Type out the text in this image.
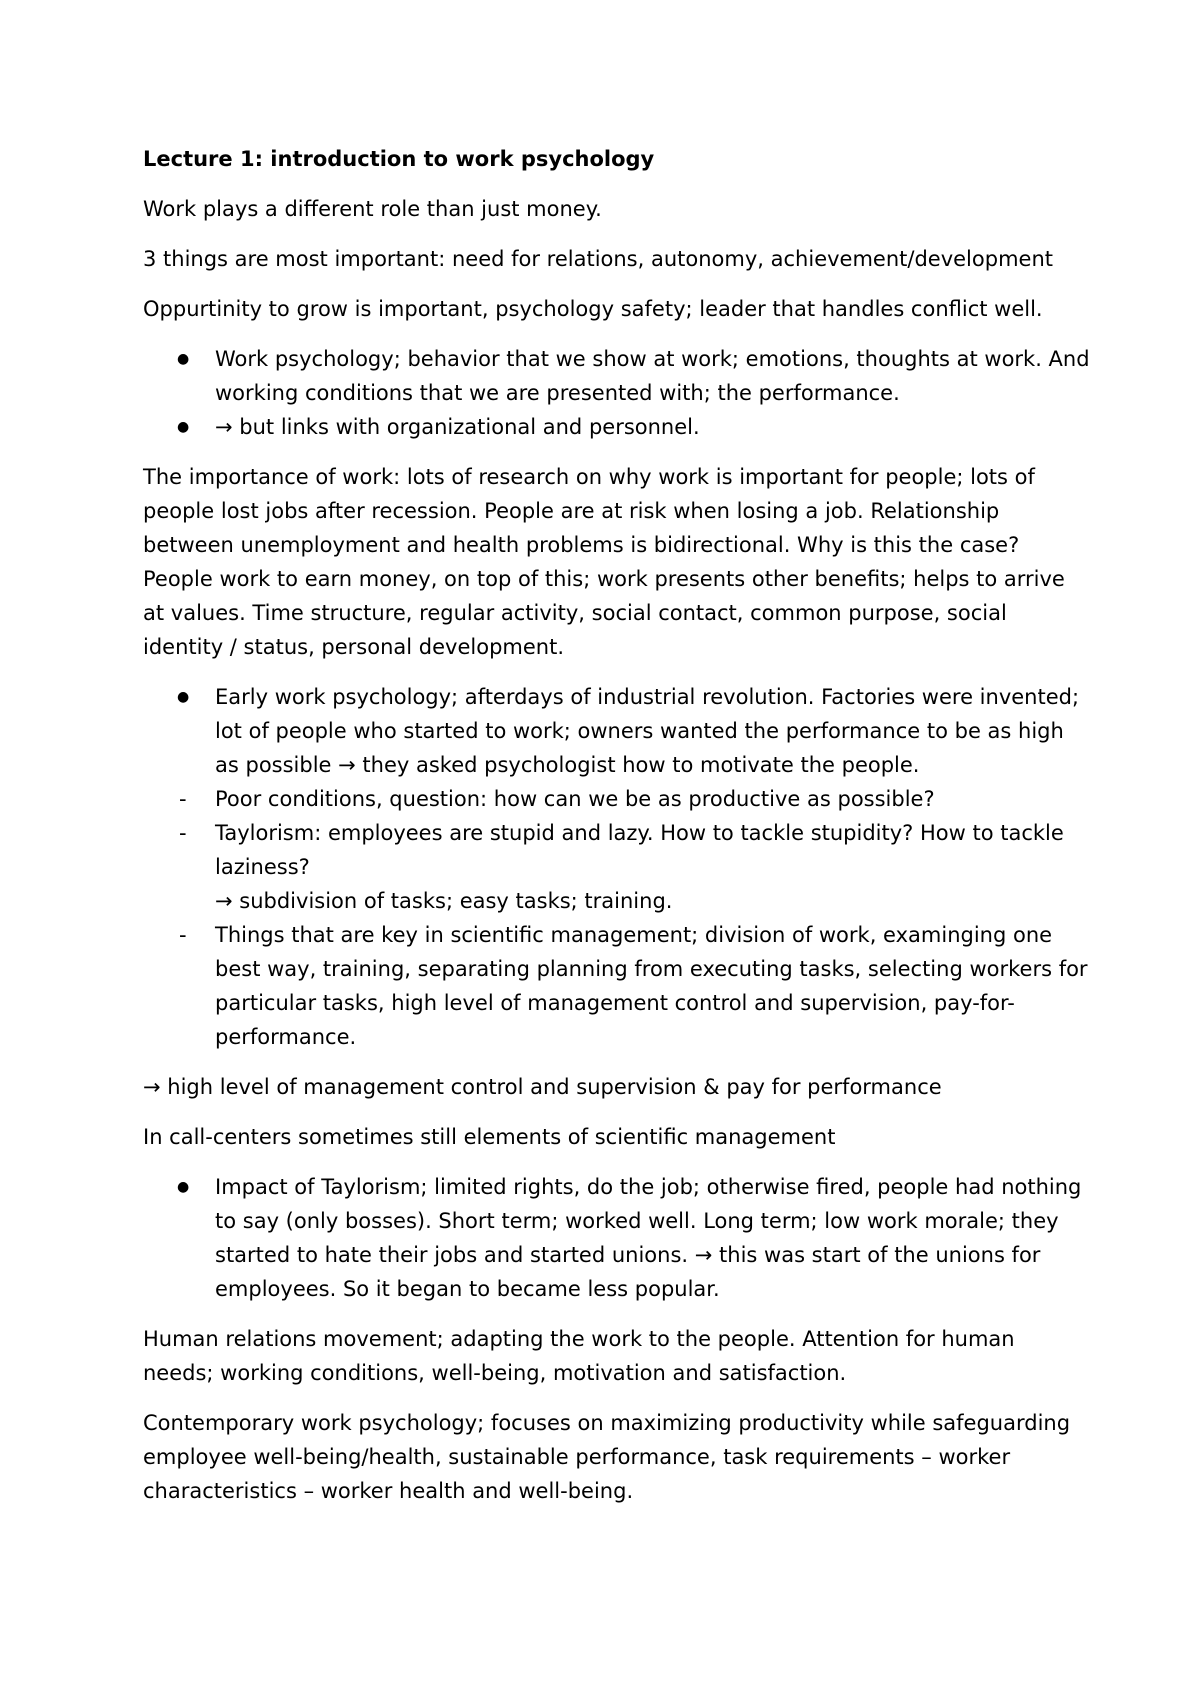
Lecture 1: introduction to work psychology

Work plays a different role than just money.

3 things are most important: need for relations, autonomy, achievement/development

Oppurtinity to grow is important, psychology safety; leader that handles conflict well.

● Work psychology; behavior that we show at work; emotions, thoughts at work. And working conditions that we are presented with; the performance.
● → but links with organizational and personnel.

The importance of work: lots of research on why work is important for people; lots of people lost jobs after recession. People are at risk when losing a job. Relationship between unemployment and health problems is bidirectional. Why is this the case? People work to earn money, on top of this; work presents other benefits; helps to arrive at values. Time structure, regular activity, social contact, common purpose, social identity / status, personal development.

● Early work psychology; afterdays of industrial revolution. Factories were invented; lot of people who started to work; owners wanted the performance to be as high as possible → they asked psychologist how to motivate the people.
- Poor conditions, question: how can we be as productive as possible?
- Taylorism: employees are stupid and lazy. How to tackle stupidity? How to tackle laziness?
→ subdivision of tasks; easy tasks; training.
- Things that are key in scientific management; division of work, examinging one best way, training, separating planning from executing tasks, selecting workers for particular tasks, high level of management control and supervision, pay-for-performance.

→ high level of management control and supervision & pay for performance

In call-centers sometimes still elements of scientific management

● Impact of Taylorism; limited rights, do the job; otherwise fired, people had nothing to say (only bosses). Short term; worked well. Long term; low work morale; they started to hate their jobs and started unions. → this was start of the unions for employees. So it began to became less popular.

Human relations movement; adapting the work to the people. Attention for human needs; working conditions, well-being, motivation and satisfaction.

Contemporary work psychology; focuses on maximizing productivity while safeguarding employee well-being/health, sustainable performance, task requirements – worker characteristics – worker health and well-being.
